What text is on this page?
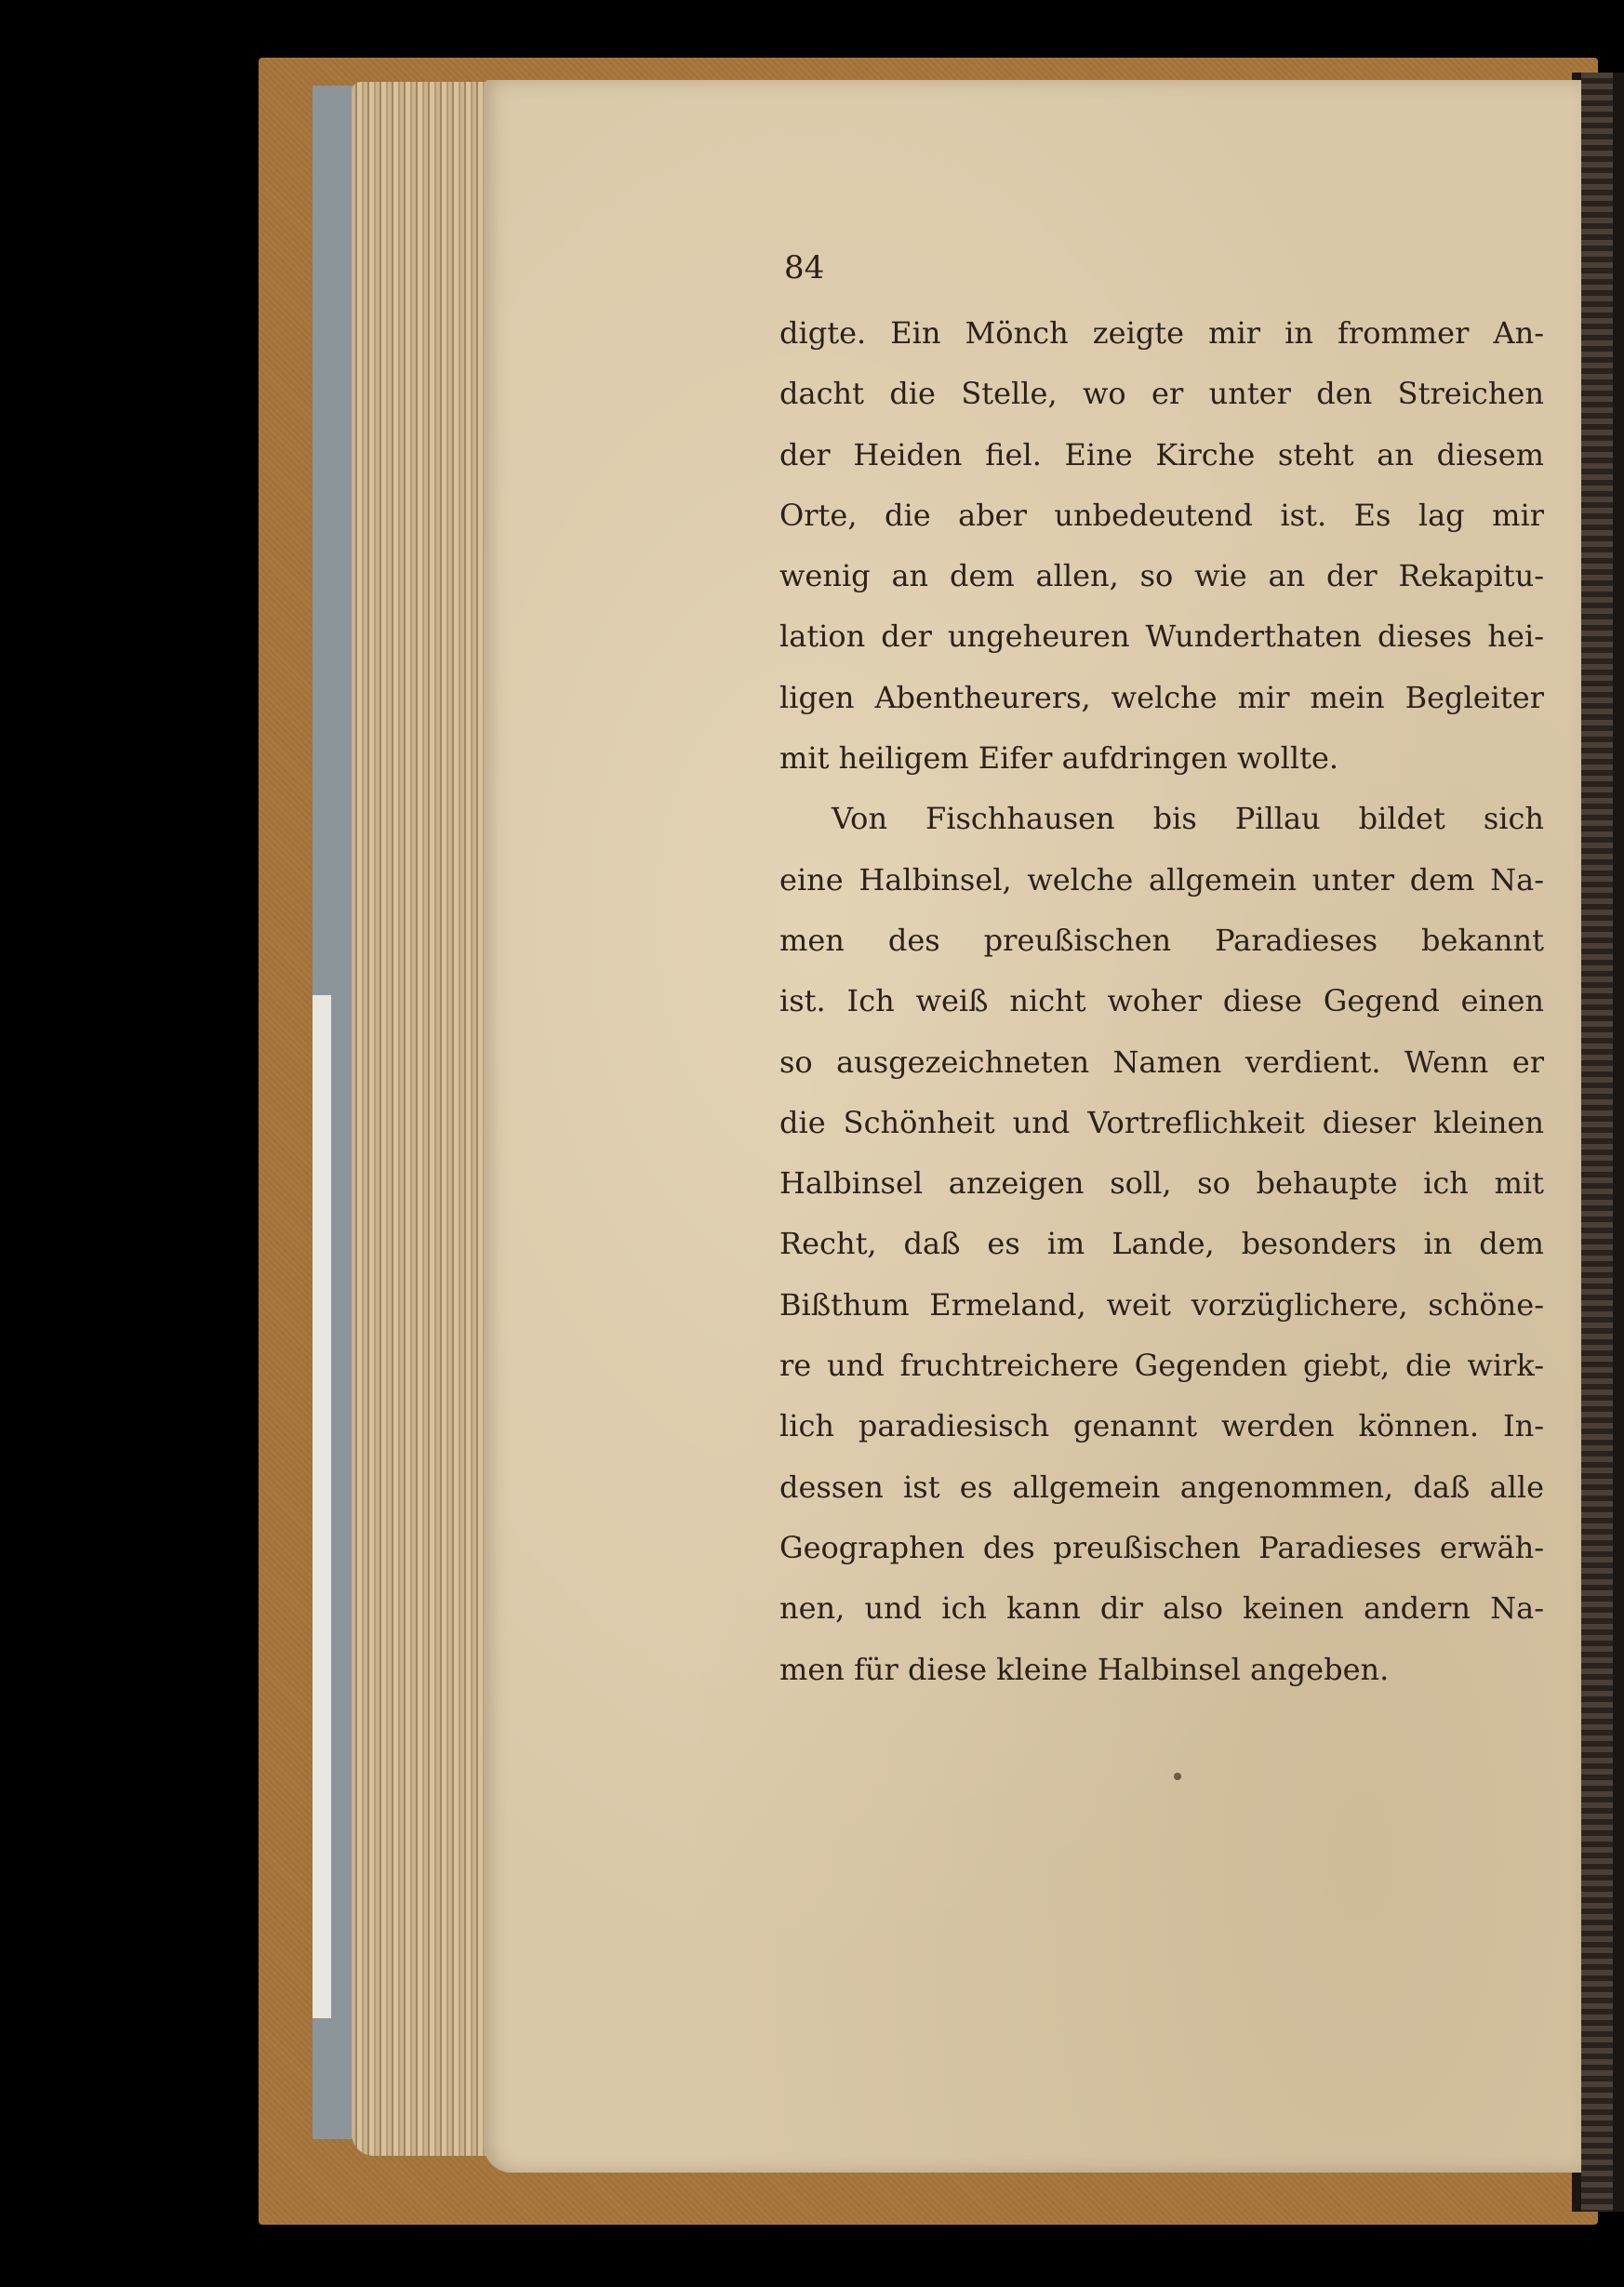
84

digte. Ein Mönch zeigte mir in frommer An-
dacht die Stelle, wo er unter den Streichen
der Heiden fiel. Eine Kirche steht an diesem
Orte, die aber unbedeutend ist. Es lag mir
wenig an dem allen, so wie an der Rekapitu-
lation der ungeheuren Wunderthaten dieses hei-
ligen Abentheurers, welche mir mein Begleiter
mit heiligem Eifer aufdringen wollte.
Von Fischhausen bis Pillau bildet sich
eine Halbinsel, welche allgemein unter dem Na-
men des preußischen Paradieses bekannt
ist. Ich weiß nicht woher diese Gegend einen
so ausgezeichneten Namen verdient. Wenn er
die Schönheit und Vortreflichkeit dieser kleinen
Halbinsel anzeigen soll, so behaupte ich mit
Recht, daß es im Lande, besonders in dem
Bißthum Ermeland, weit vorzüglichere, schöne-
re und fruchtreichere Gegenden giebt, die wirk-
lich paradiesisch genannt werden können. In-
dessen ist es allgemein angenommen, daß alle
Geographen des preußischen Paradieses erwäh-
nen, und ich kann dir also keinen andern Na-
men für diese kleine Halbinsel angeben.
